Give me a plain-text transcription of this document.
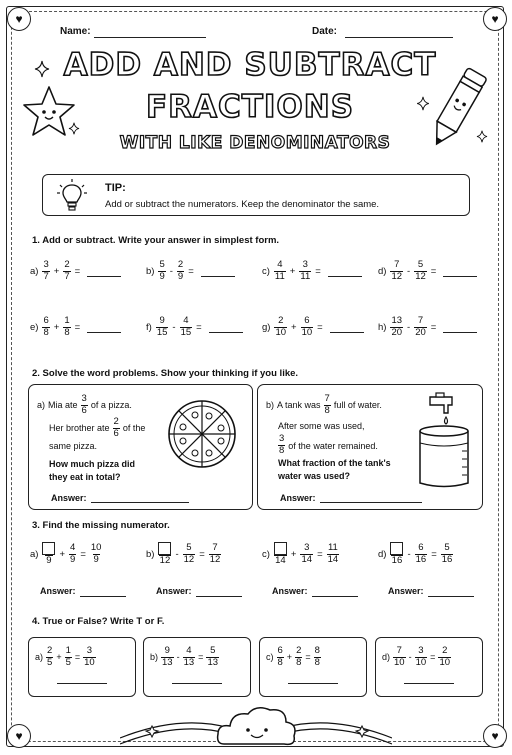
♥	♥
♥	♥
Name:	Date:
ADD AND SUBTRACT
FRACTIONS
WITH LIKE DENOMINATORS
TIP:
Add or subtract the numerators. Keep the denominator the same.
1. Add or subtract. Write your answer in simplest form.
$a) \frac{3}{7} + \frac{2}{7}$ =	$b) \frac{5}{9} - \frac{2}{9}$ =	$c) \frac{4}{11} + \frac{3}{11}$ =	$d) \frac{7}{12} - \frac{5}{12}$ =
$e) \frac{6}{8} + \frac{1}{8}$ =	$f) \frac{9}{15} - \frac{4}{15}$ =	$g) \frac{2}{10} + \frac{6}{10}$ =	$h) \frac{13}{20} - \frac{7}{20}$ =
2. Solve the word problems. Show your thinking if you like.
a) Mia ate $\frac{3}{6}$ of a pizza.
Her brother ate $\frac{2}{6}$ of the
same pizza.
How much pizza did
they eat in total?
Answer:
b) A tank was $\frac{7}{8}$ full of water.
After some was used,
$\frac{3}{8}$ of the water remained.
What fraction of the tank's
water was used?
Answer:
3. Find the missing numerator.
a)
9
+ $\frac{4}{9} = \frac{10}{9}$
Answer:
b)
12
- $\frac{5}{12} = \frac{7}{12}$
Answer:
c)
14
+ $\frac{3}{14} = \frac{11}{14}$
Answer:
d)
16
- $\frac{6}{16} = \frac{5}{16}$
Answer:
4. True or False? Write T or F.
$a) \frac{2}{5} + \frac{1}{5} = \frac{3}{10}$	$b) \frac{9}{13} - \frac{4}{13} = \frac{5}{13}$	$c) \frac{6}{8} + \frac{2}{8} = \frac{8}{8}$	$d) \frac{7}{10} - \frac{3}{10} = \frac{2}{10}$
